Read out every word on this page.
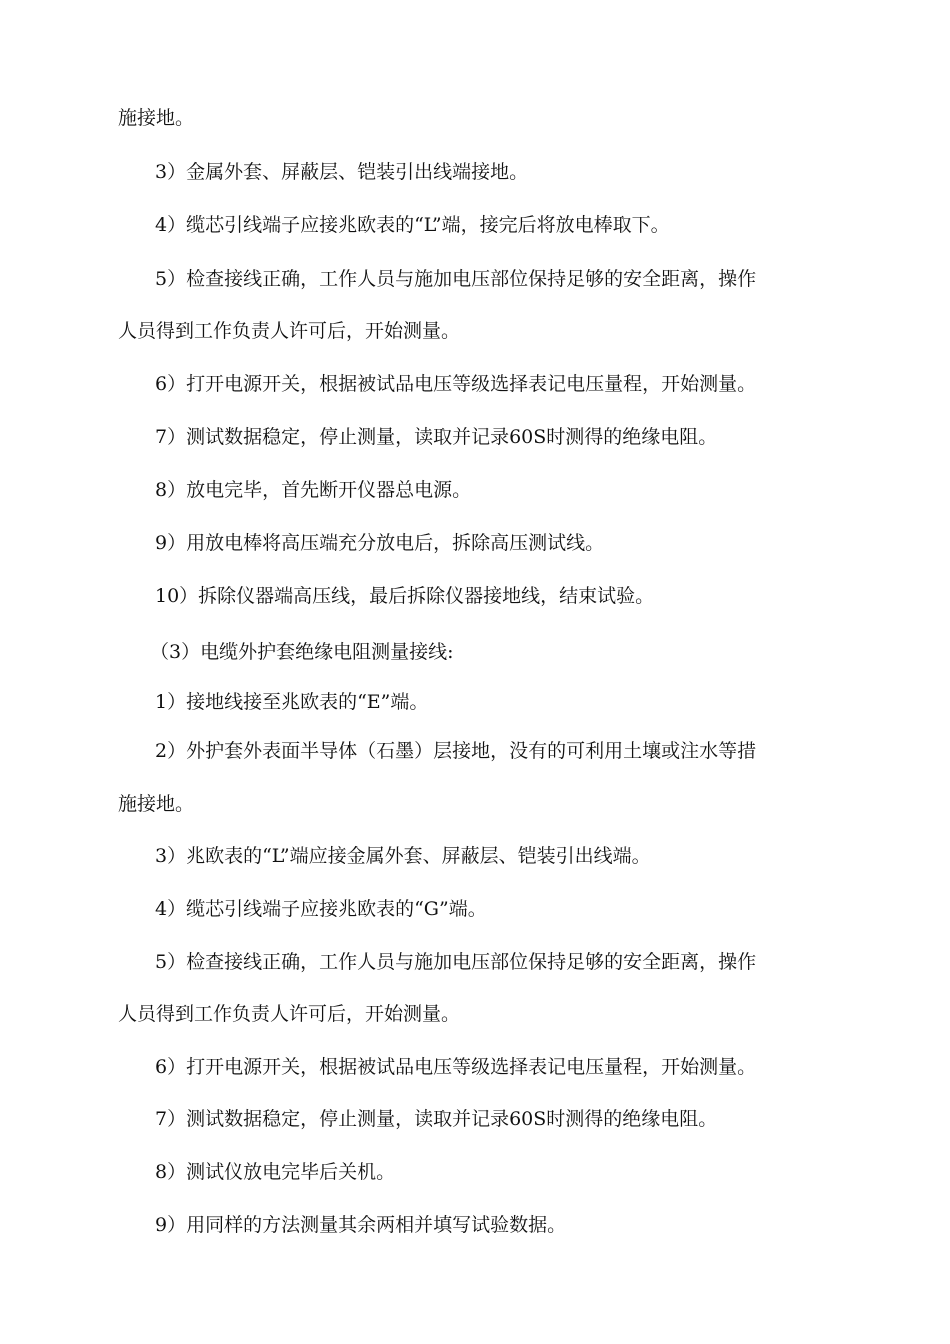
施接地。
3）金属外套、屏蔽层、铠装引出线端接地。
4）缆芯引线端子应接兆欧表的“L”端，接完后将放电棒取下。
5）检查接线正确，工作人员与施加电压部位保持足够的安全距离，操作
人员得到工作负责人许可后，开始测量。
6）打开电源开关，根据被试品电压等级选择表记电压量程，开始测量。
7）测试数据稳定，停止测量，读取并记录60S时测得的绝缘电阻。
8）放电完毕，首先断开仪器总电源。
9）用放电棒将高压端充分放电后，拆除高压测试线。
10）拆除仪器端高压线，最后拆除仪器接地线，结束试验。
（3）电缆外护套绝缘电阻测量接线:
1）接地线接至兆欧表的“E”端。
2）外护套外表面半导体（石墨）层接地，没有的可利用土壤或注水等措
施接地。
3）兆欧表的“L”端应接金属外套、屏蔽层、铠装引出线端。
4）缆芯引线端子应接兆欧表的“G”端。
5）检查接线正确，工作人员与施加电压部位保持足够的安全距离，操作
人员得到工作负责人许可后，开始测量。
6）打开电源开关，根据被试品电压等级选择表记电压量程，开始测量。
7）测试数据稳定，停止测量，读取并记录60S时测得的绝缘电阻。
8）测试仪放电完毕后关机。
9）用同样的方法测量其余两相并填写试验数据。
